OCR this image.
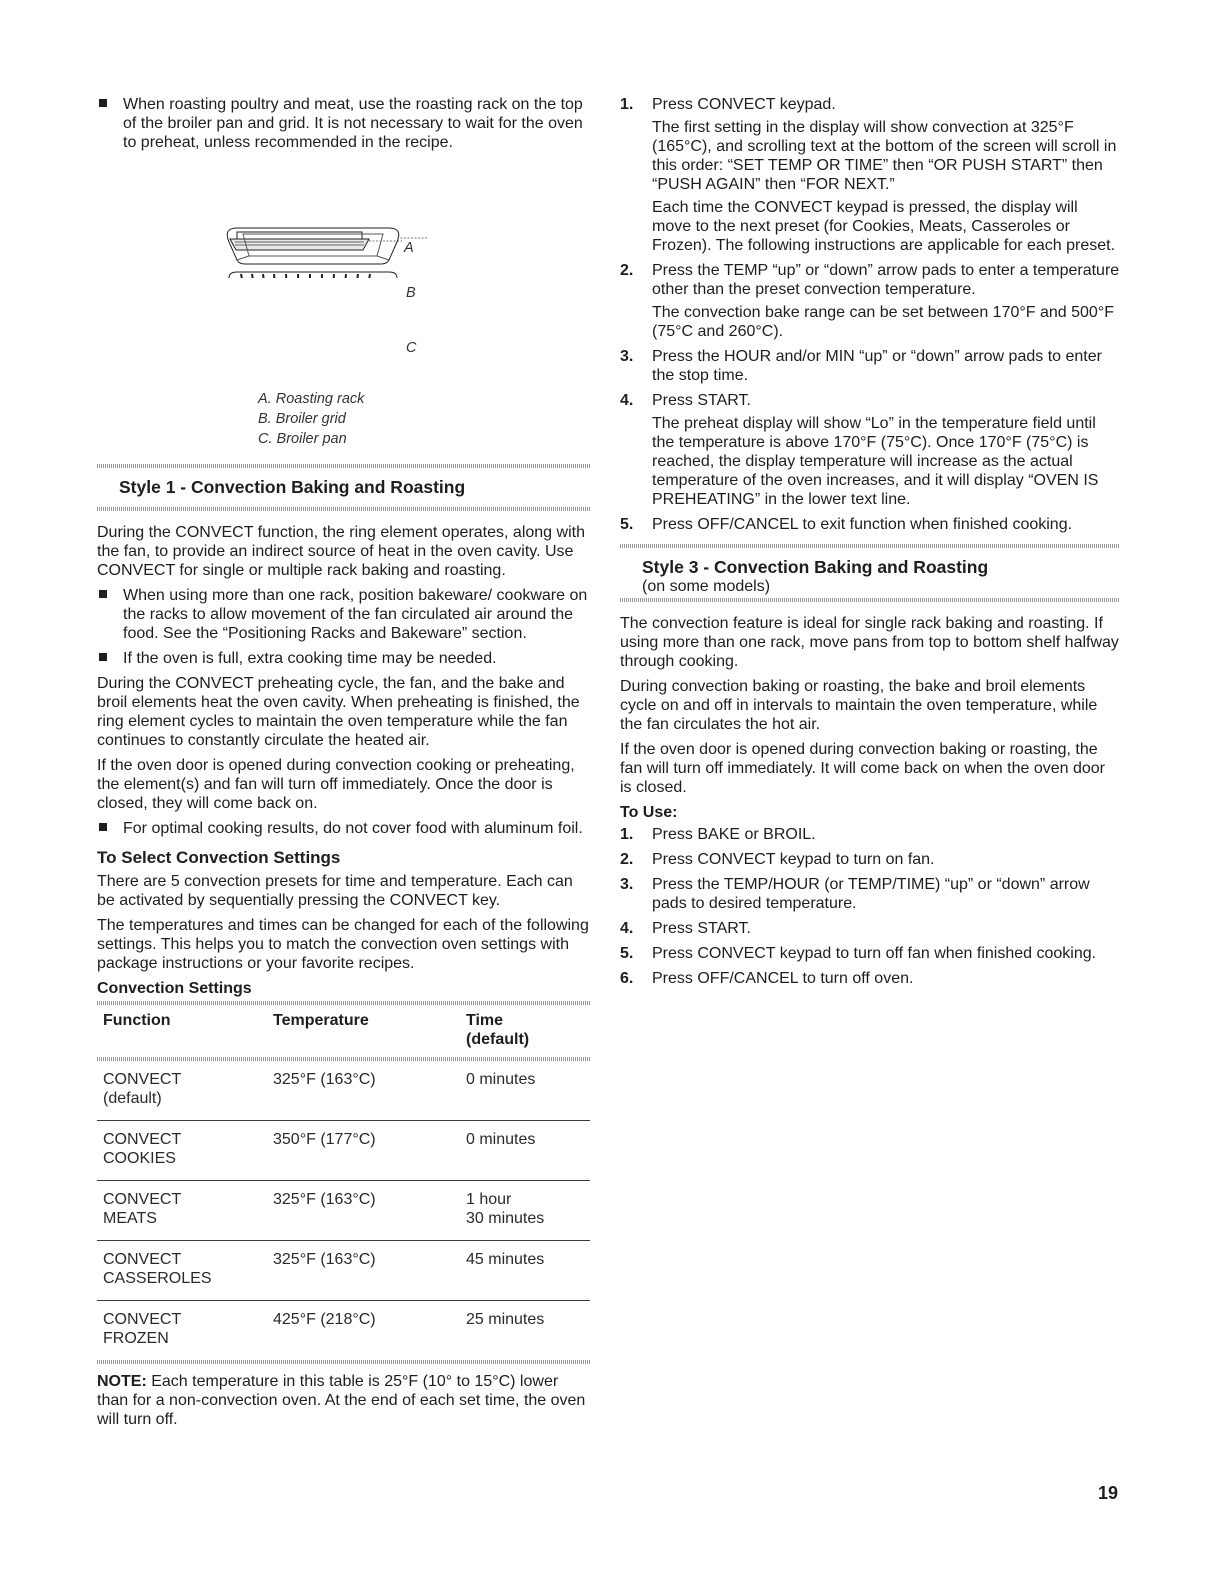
When roasting poultry and meat, use the roasting rack on the top of the broiler pan and grid. It is not necessary to wait for the oven to preheat, unless recommended in the recipe.
A
B
C
A. Roasting rack
B. Broiler grid
C. Broiler pan
Style 1 - Convection Baking and Roasting

During the CONVECT function, the ring element operates, along with the fan, to provide an indirect source of heat in the oven cavity. Use CONVECT for single or multiple rack baking and roasting.

When using more than one rack, position bakeware/ cookware on the racks to allow movement of the fan circulated air around the food. See the “Positioning Racks and Bakeware” section.
If the oven is full, extra cooking time may be needed.

During the CONVECT preheating cycle, the fan, and the bake and broil elements heat the oven cavity. When preheating is finished, the ring element cycles to maintain the oven temperature while the fan continues to constantly circulate the heated air.

If the oven door is opened during convection cooking or preheating, the element(s) and fan will turn off immediately. Once the door is closed, they will come back on.

For optimal cooking results, do not cover food with aluminum foil.
To Select Convection Settings

There are 5 convection presets for time and temperature. Each can be activated by sequentially pressing the CONVECT key.

The temperatures and times can be changed for each of the following settings. This helps you to match the convection oven settings with package instructions or your favorite recipes.

Convection Settings
Function	Temperature	Time
(default)
CONVECT
(default)	325°F (163°C)	0 minutes
CONVECT
COOKIES	350°F (177°C)	0 minutes
CONVECT
MEATS	325°F (163°C)	1 hour
30 minutes
CONVECT
CASSEROLES	325°F (163°C)	45 minutes
CONVECT
FROZEN	425°F (218°C)	25 minutes

NOTE: Each temperature in this table is 25°F (10° to 15°C) lower than for a non-convection oven. At the end of each set time, the oven will turn off.

1. Press CONVECT keypad.

The first setting in the display will show convection at 325°F (165°C), and scrolling text at the bottom of the screen will scroll in this order: “SET TEMP OR TIME” then “OR PUSH START” then “PUSH AGAIN” then “FOR NEXT.”

Each time the CONVECT keypad is pressed, the display will move to the next preset (for Cookies, Meats, Casseroles or Frozen). The following instructions are applicable for each preset.

2. Press the TEMP “up” or “down” arrow pads to enter a temperature other than the preset convection temperature.

The convection bake range can be set between 170°F and 500°F (75°C and 260°C).

3. Press the HOUR and/or MIN “up” or “down” arrow pads to enter the stop time.
4. Press START.

The preheat display will show “Lo” in the temperature field until the temperature is above 170°F (75°C). Once 170°F (75°C) is reached, the display temperature will increase as the actual temperature of the oven increases, and it will display “OVEN IS PREHEATING” in the lower text line.

5. Press OFF/CANCEL to exit function when finished cooking.
Style 3 - Convection Baking and Roasting
(on some models)

The convection feature is ideal for single rack baking and roasting. If using more than one rack, move pans from top to bottom shelf halfway through cooking.

During convection baking or roasting, the bake and broil elements cycle on and off in intervals to maintain the oven temperature, while the fan circulates the hot air.

If the oven door is opened during convection baking or roasting, the fan will turn off immediately. It will come back on when the oven door is closed.

To Use:
1. Press BAKE or BROIL.
2. Press CONVECT keypad to turn on fan.
3. Press the TEMP/HOUR (or TEMP/TIME) “up” or “down” arrow pads to desired temperature.
4. Press START.
5. Press CONVECT keypad to turn off fan when finished cooking.
6. Press OFF/CANCEL to turn off oven.
19
